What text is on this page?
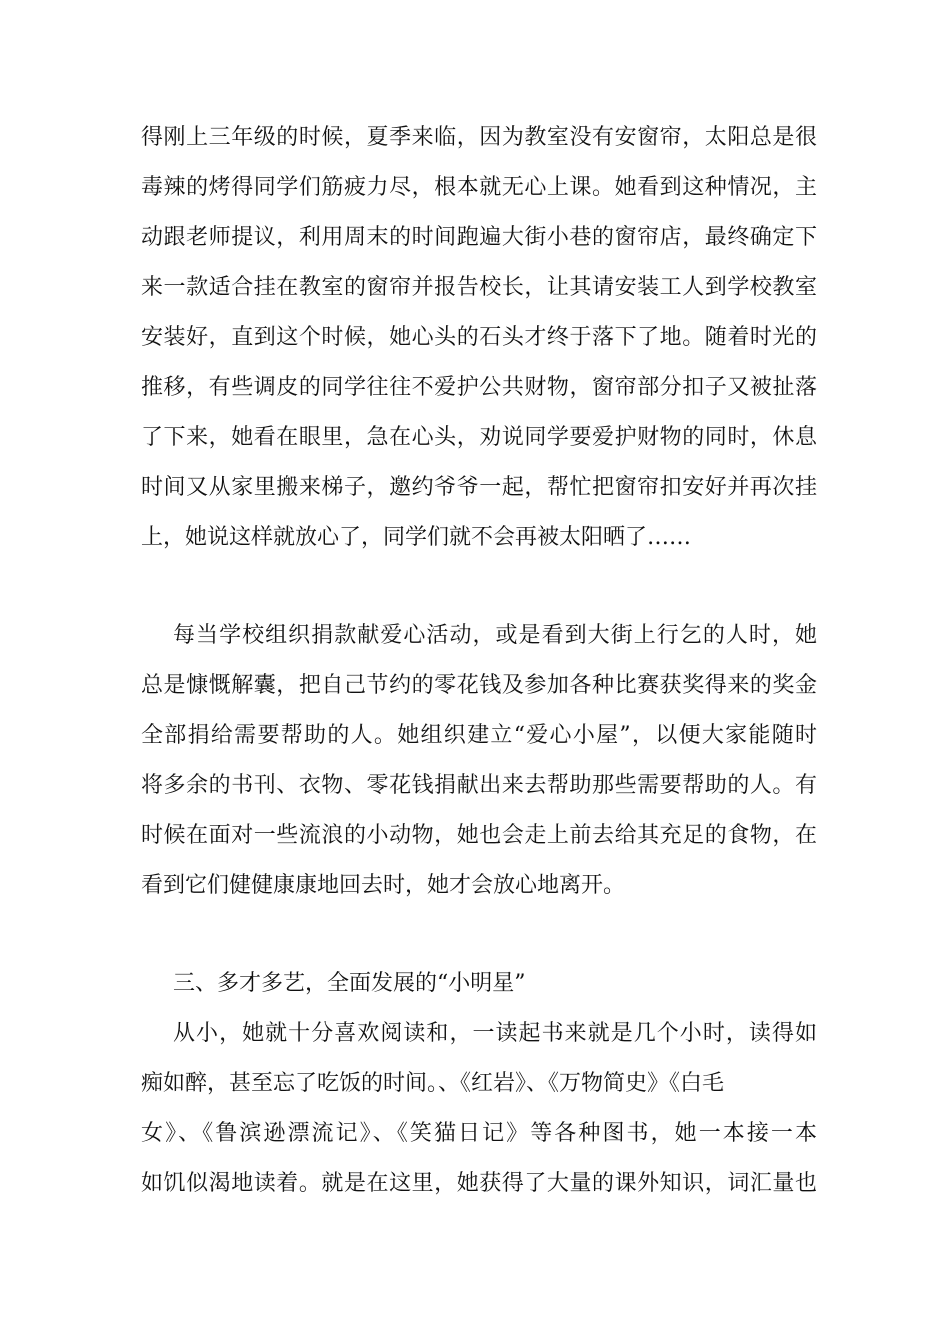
得刚上三年级的时候，夏季来临，因为教室没有安窗帘，太阳总是很
毒辣的烤得同学们筋疲力尽，根本就无心上课。她看到这种情况，主
动跟老师提议，利用周末的时间跑遍大街小巷的窗帘店，最终确定下
来一款适合挂在教室的窗帘并报告校长，让其请安装工人到学校教室
安装好，直到这个时候，她心头的石头才终于落下了地。随着时光的
推移，有些调皮的同学往往不爱护公共财物，窗帘部分扣子又被扯落
了下来，她看在眼里，急在心头，劝说同学要爱护财物的同时，休息
时间又从家里搬来梯子，邀约爷爷一起，帮忙把窗帘扣安好并再次挂
上，她说这样就放心了，同学们就不会再被太阳晒了……
每当学校组织捐款献爱心活动，或是看到大街上行乞的人时，她
总是慷慨解囊，把自己节约的零花钱及参加各种比赛获奖得来的奖金
全部捐给需要帮助的人。她组织建立“爱心小屋”，以便大家能随时
将多余的书刊、衣物、零花钱捐献出来去帮助那些需要帮助的人。有
时候在面对一些流浪的小动物，她也会走上前去给其充足的食物，在
看到它们健健康康地回去时，她才会放心地离开。
三、多才多艺，全面发展的“小明星”
从小，她就十分喜欢阅读和，一读起书来就是几个小时，读得如
痴如醉，甚至忘了吃饭的时间。、《红岩》、《万物简史》《白毛
女》、《鲁滨逊漂流记》、《笑猫日记》等各种图书，她一本接一本
如饥似渴地读着。就是在这里，她获得了大量的课外知识，词汇量也
